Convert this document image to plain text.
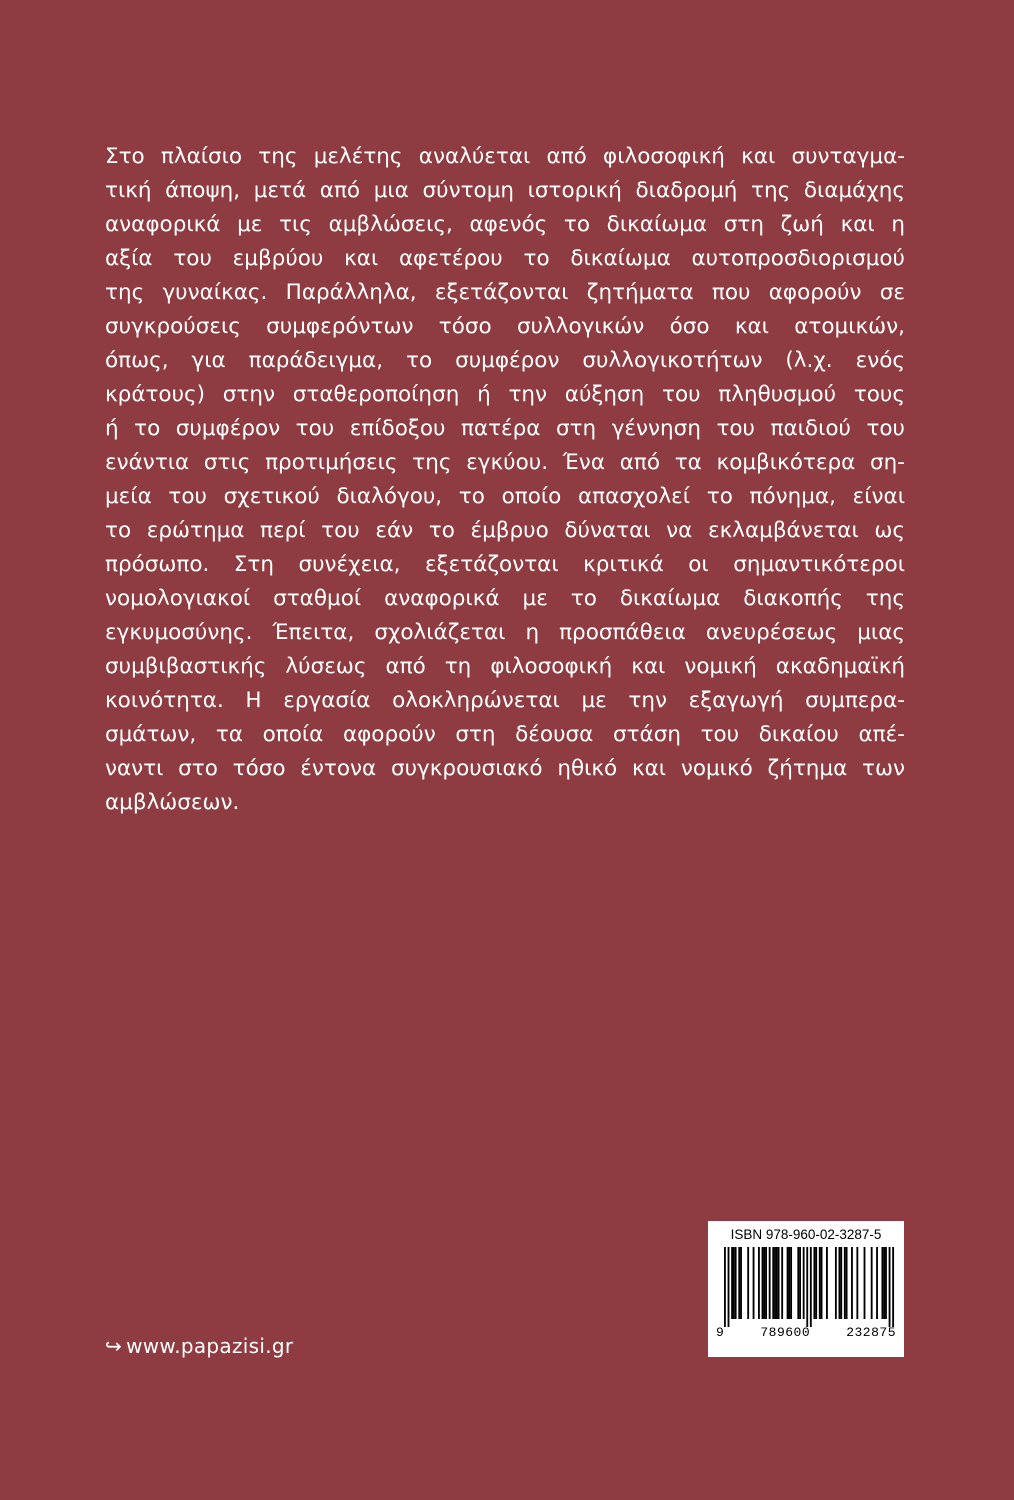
Στο πλαίσιο της μελέτης αναλύεται από φιλοσοφική και συνταγμα-
τική άποψη, μετά από μια σύντομη ιστορική διαδρομή της διαμάχης
αναφορικά με τις αμβλώσεις, αφενός το δικαίωμα στη ζωή και η
αξία του εμβρύου και αφετέρου το δικαίωμα αυτοπροσδιορισμού
της γυναίκας. Παράλληλα, εξετάζονται ζητήματα που αφορούν σε
συγκρούσεις συμφερόντων τόσο συλλογικών όσο και ατομικών,
όπως, για παράδειγμα, το συμφέρον συλλογικοτήτων (λ.χ. ενός
κράτους) στην σταθεροποίηση ή την αύξηση του πληθυσμού τους
ή το συμφέρον του επίδοξου πατέρα στη γέννηση του παιδιού του
ενάντια στις προτιμήσεις της εγκύου. Ένα από τα κομβικότερα ση-
μεία του σχετικού διαλόγου, το οποίο απασχολεί το πόνημα, είναι
το ερώτημα περί του εάν το έμβρυο δύναται να εκλαμβάνεται ως
πρόσωπο. Στη συνέχεια, εξετάζονται κριτικά οι σημαντικότεροι
νομολογιακοί σταθμοί αναφορικά με το δικαίωμα διακοπής της
εγκυμοσύνης. Έπειτα, σχολιάζεται η προσπάθεια ανευρέσεως μιας
συμβιβαστικής λύσεως από τη φιλοσοφική και νομική ακαδημαϊκή
κοινότητα. Η εργασία ολοκληρώνεται με την εξαγωγή συμπερα-
σμάτων, τα οποία αφορούν στη δέουσα στάση του δικαίου απέ-
ναντι στο τόσο έντονα συγκρουσιακό ηθικό και νομικό ζήτημα των
αμβλώσεων.

↪ www.papazisi.gr
ISBN 978-960-02-3287-5
9	789600	232875
